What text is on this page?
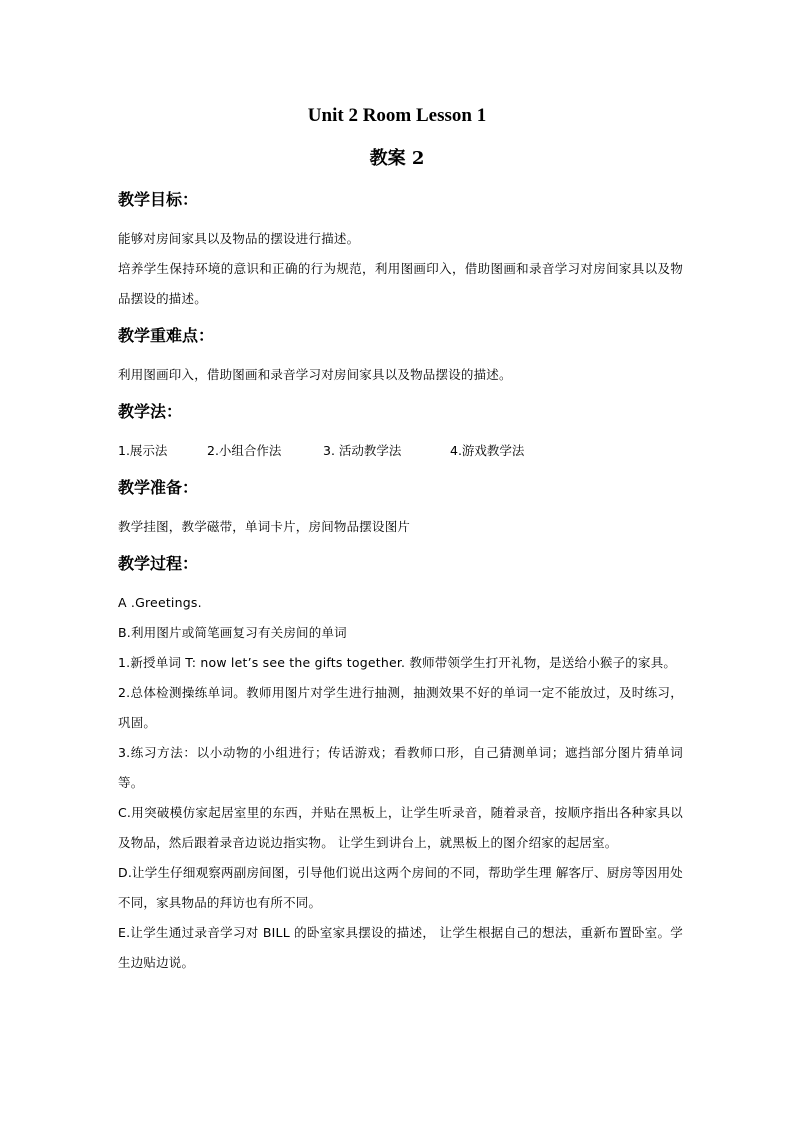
Unit 2 Room Lesson 1
教案 2
教学目标：

能够对房间家具以及物品的摆设进行描述。

培养学生保持环境的意识和正确的行为规范，利用图画印入，借助图画和录音学习对房间家具以及物品摆设的描述。

教学重难点：

利用图画印入，借助图画和录音学习对房间家具以及物品摆设的描述。

教学法：
1.展示法	2.小组合作法	3. 活动教学法	4.游戏教学法
教学准备：

教学挂图，教学磁带，单词卡片，房间物品摆设图片

教学过程：

A .Greetings.

B.利用图片或简笔画复习有关房间的单词

1.新授单词 T: now let’s see the gifts together. 教师带领学生打开礼物，是送给小猴子的家具。

2.总体检测操练单词。教师用图片对学生进行抽测，抽测效果不好的单词一定不能放过，及时练习，巩固。

3.练习方法：以小动物的小组进行；传话游戏；看教师口形，自己猜测单词；遮挡部分图片猜单词等。

C.用突破模仿家起居室里的东西，并贴在黑板上，让学生听录音，随着录音，按顺序指出各种家具以及物品，然后跟着录音边说边指实物。 让学生到讲台上，就黑板上的图介绍家的起居室。

D.让学生仔细观察两副房间图，引导他们说出这两个房间的不同，帮助学生理 解客厅、厨房等因用处不同，家具物品的拜访也有所不同。

E.让学生通过录音学习对 BILL 的卧室家具摆设的描述， 让学生根据自己的想法，重新布置卧室。学生边贴边说。
